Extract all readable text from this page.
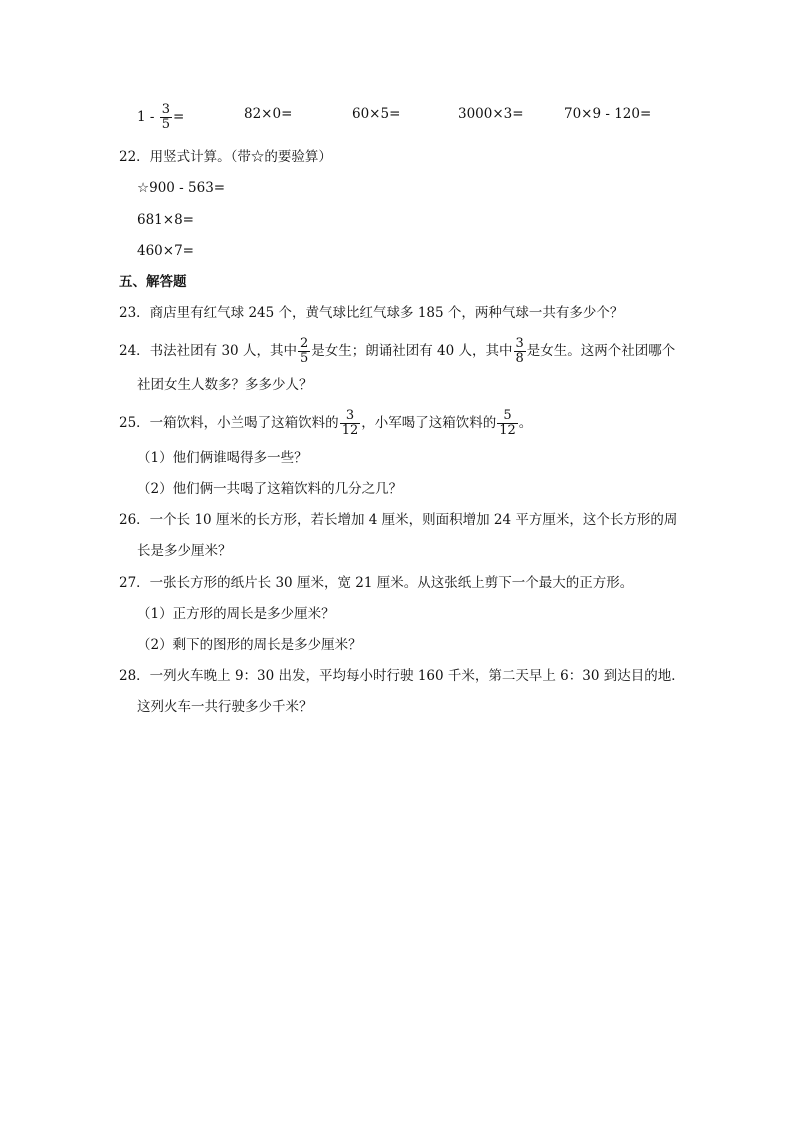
$1 - \frac{3}{5}$ =	82×0=	60×5=	3000×3=	70×9 - 120=
22．用竖式计算。（带☆的要验算）
☆900 - 563=
681×8=
460×7=
五、解答题
23．商店里有红气球 245 个，黄气球比红气球多 185 个，两种气球一共有多少个？
24．书法社团有 30 人，其中 $\frac{2}{5}$ 是女生；朗诵社团有 40 人，其中 $\frac{3}{8}$ 是女生。这两个社团哪个
社团女生人数多？多多少人？
25．一箱饮料，小兰喝了这箱饮料的 $\frac{3}{12}$ ，小军喝了这箱饮料的 $\frac{5}{12}$ 。
（1）他们俩谁喝得多一些？
（2）他们俩一共喝了这箱饮料的几分之几？
26．一个长 10 厘米的长方形，若长增加 4 厘米，则面积增加 24 平方厘米，这个长方形的周
长是多少厘米？
27．一张长方形的纸片长 30 厘米，宽 21 厘米。从这张纸上剪下一个最大的正方形。
（1）正方形的周长是多少厘米？
（2）剩下的图形的周长是多少厘米？
28．一列火车晚上 9：30 出发，平均每小时行驶 160 千米，第二天早上 6：30 到达目的地．
这列火车一共行驶多少千米？
